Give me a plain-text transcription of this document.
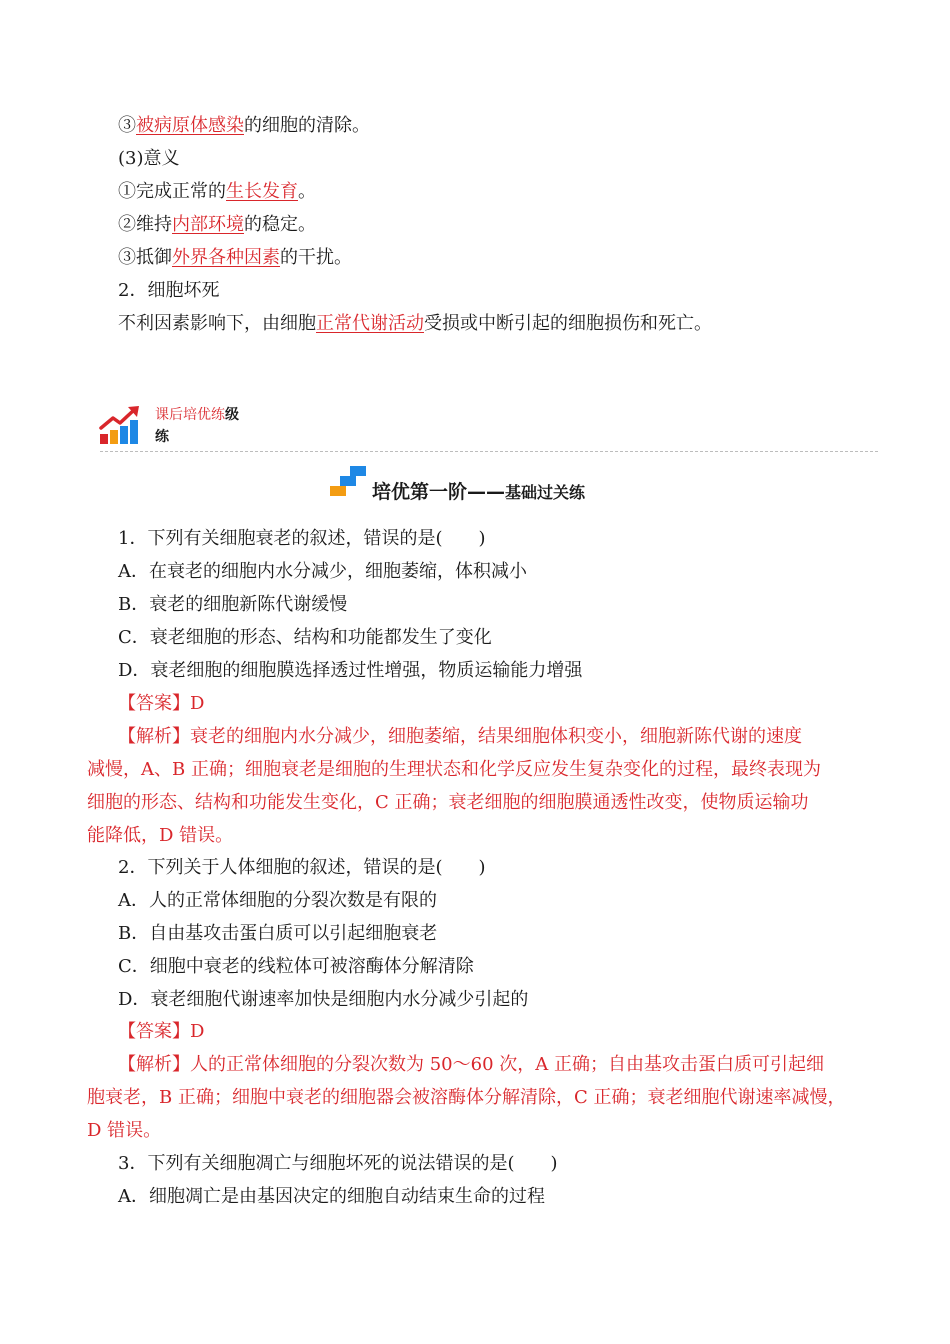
③被病原体感染的细胞的清除。
(3)意义
①完成正常的生长发育。
②维持内部环境的稳定。
③抵御外界各种因素的干扰。
2．细胞坏死
不利因素影响下，由细胞正常代谢活动受损或中断引起的细胞损伤和死亡。
课后培优练级
练
培优第一阶——基础过关练
1．下列有关细胞衰老的叙述，错误的是(　　)
A．在衰老的细胞内水分减少，细胞萎缩，体积减小
B．衰老的细胞新陈代谢缓慢
C．衰老细胞的形态、结构和功能都发生了变化
D．衰老细胞的细胞膜选择透过性增强，物质运输能力增强
【答案】D
【解析】衰老的细胞内水分减少，细胞萎缩，结果细胞体积变小，细胞新陈代谢的速度
减慢，A、B 正确；细胞衰老是细胞的生理状态和化学反应发生复杂变化的过程，最终表现为
细胞的形态、结构和功能发生变化，C 正确；衰老细胞的细胞膜通透性改变，使物质运输功
能降低，D 错误。
2．下列关于人体细胞的叙述，错误的是(　　)
A．人的正常体细胞的分裂次数是有限的
B．自由基攻击蛋白质可以引起细胞衰老
C．细胞中衰老的线粒体可被溶酶体分解清除
D．衰老细胞代谢速率加快是细胞内水分减少引起的
【答案】D
【解析】人的正常体细胞的分裂次数为 50～60 次，A 正确；自由基攻击蛋白质可引起细
胞衰老，B 正确；细胞中衰老的细胞器会被溶酶体分解清除，C 正确；衰老细胞代谢速率减慢，
D 错误。
3．下列有关细胞凋亡与细胞坏死的说法错误的是(　　)
A．细胞凋亡是由基因决定的细胞自动结束生命的过程
